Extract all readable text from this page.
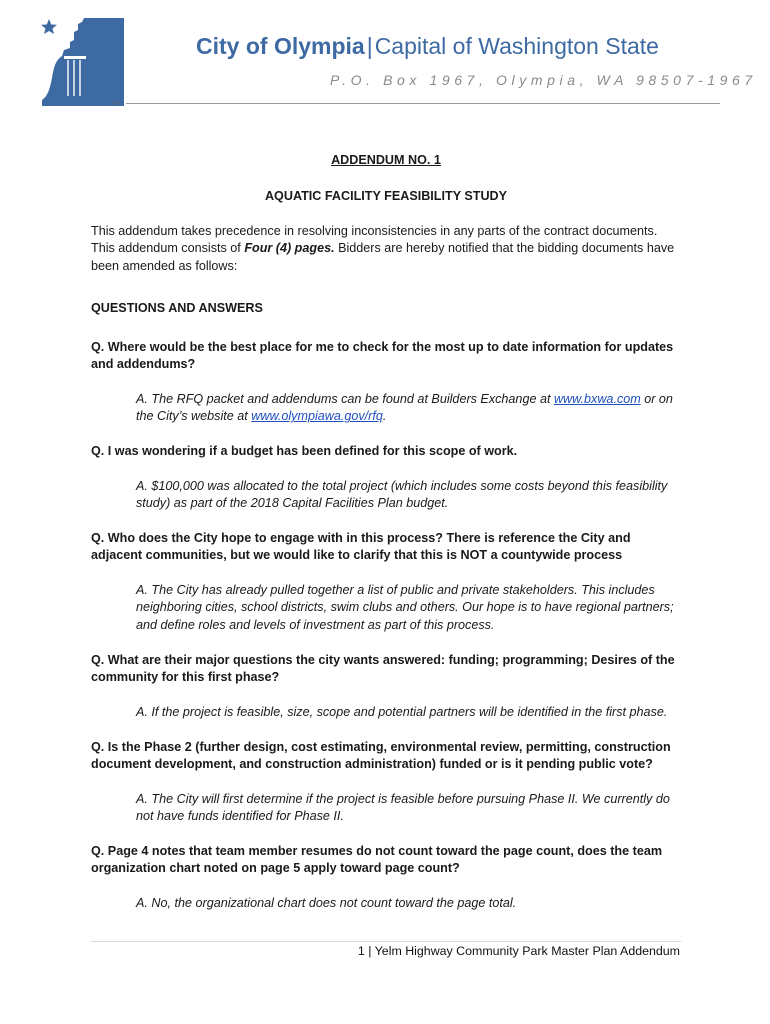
TM
City of Olympia|Capital of Washington State
P.O. Box 1967, Olympia, WA 98507-1967
ADDENDUM NO. 1
AQUATIC FACILITY FEASIBILITY STUDY
This addendum takes precedence in resolving inconsistencies in any parts of the contract documents. This addendum consists of Four (4) pages. Bidders are hereby notified that the bidding documents have been amended as follows:
QUESTIONS AND ANSWERS
Q. Where would be the best place for me to check for the most up to date information for updates and addendums?
A. The RFQ packet and addendums can be found at Builders Exchange at www.bxwa.com or on the City’s website at www.olympiawa.gov/rfq.
Q. I was wondering if a budget has been defined for this scope of work.
A. $100,000 was allocated to the total project (which includes some costs beyond this feasibility study) as part of the 2018 Capital Facilities Plan budget.
Q. Who does the City hope to engage with in this process? There is reference the City and adjacent communities, but we would like to clarify that this is NOT a countywide process
A. The City has already pulled together a list of public and private stakeholders. This includes neighboring cities, school districts, swim clubs and others. Our hope is to have regional partners; and define roles and levels of investment as part of this process.
Q. What are their major questions the city wants answered: funding; programming; Desires of the community for this first phase?
A. If the project is feasible, size, scope and potential partners will be identified in the first phase.
Q. Is the Phase 2 (further design, cost estimating, environmental review, permitting, construction document development, and construction administration) funded or is it pending public vote?
A. The City will first determine if the project is feasible before pursuing Phase II. We currently do not have funds identified for Phase II.
Q. Page 4 notes that team member resumes do not count toward the page count, does the team organization chart noted on page 5 apply toward page count?
A. No, the organizational chart does not count toward the page total.
1 | Yelm Highway Community Park Master Plan Addendum
